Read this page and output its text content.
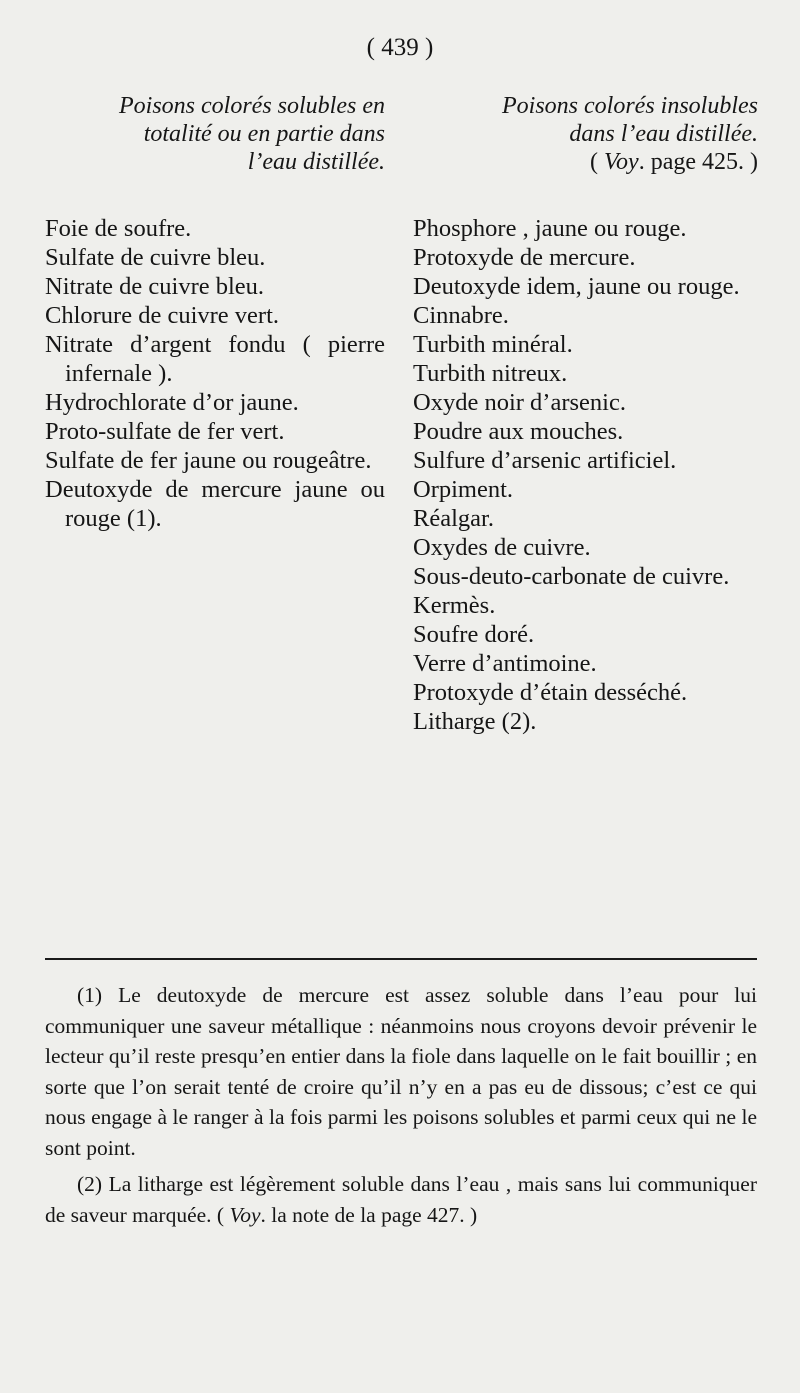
( 439 )
Poisons colorés solubles en
totalité ou en partie dans
l’eau distillée.
Foie de soufre.
Sulfate de cuivre bleu.
Nitrate de cuivre bleu.
Chlorure de cuivre vert.
Nitrate d’argent fondu ( pierre infernale ).
Hydrochlorate d’or jaune.
Proto-sulfate de fer vert.
Sulfate de fer jaune ou rougeâtre.
Deutoxyde de mercure jaune ou rouge (1).
Poisons colorés insolubles
dans l’eau distillée.
( Voy. page 425. )
Phosphore , jaune ou rouge.
Protoxyde de mercure.
Deutoxyde idem, jaune ou rouge.
Cinnabre.
Turbith minéral.
Turbith nitreux.
Oxyde noir d’arsenic.
Poudre aux mouches.
Sulfure d’arsenic artificiel.
Orpiment.
Réalgar.
Oxydes de cuivre.
Sous-deuto-carbonate de cuivre.
Kermès.
Soufre doré.
Verre d’antimoine.
Protoxyde d’étain desséché.
Litharge (2).

(1) Le deutoxyde de mercure est assez soluble dans l’eau pour lui communiquer une saveur métallique : néanmoins nous croyons devoir prévenir le lecteur qu’il reste presqu’en entier dans la fiole dans laquelle on le fait bouillir ; en sorte que l’on serait tenté de croire qu’il n’y en a pas eu de dissous; c’est ce qui nous engage à le ranger à la fois parmi les poisons solubles et parmi ceux qui ne le sont point.

(2) La litharge est légèrement soluble dans l’eau , mais sans lui communiquer de saveur marquée. ( Voy. la note de la page 427. )
